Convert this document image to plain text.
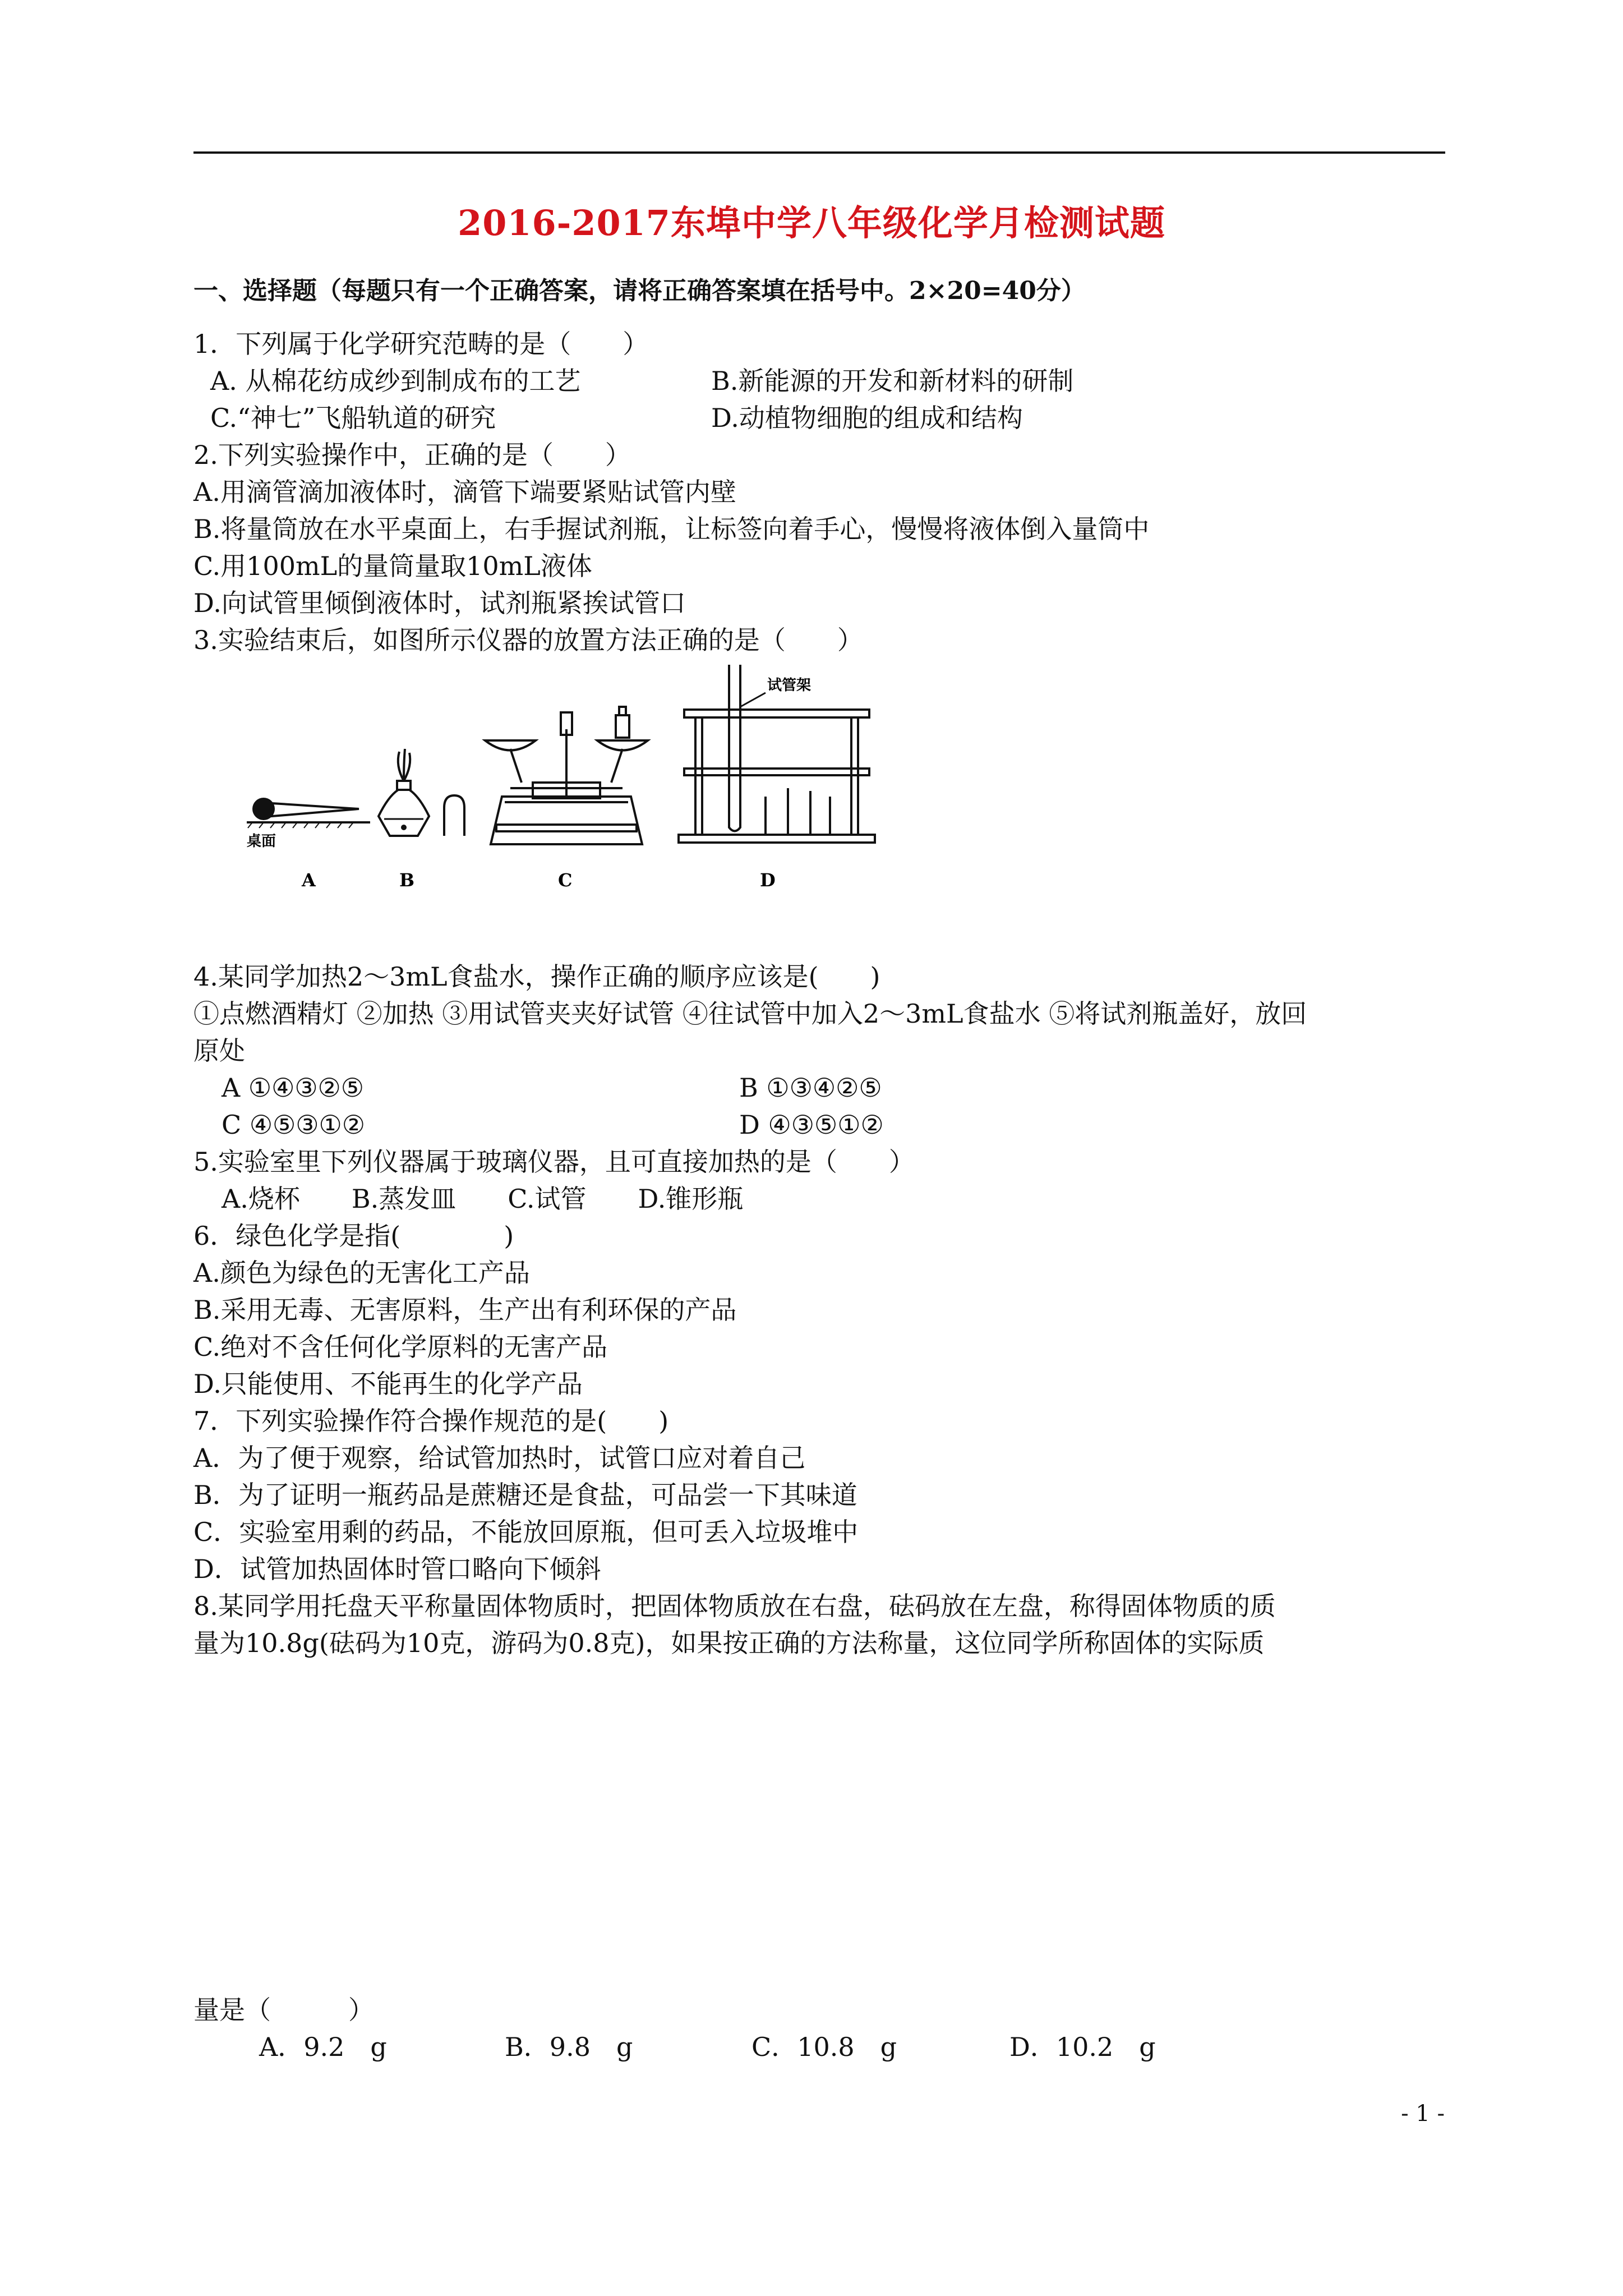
2016-2017东埠中学八年级化学月检测试题
一、选择题（每题只有一个正确答案，请将正确答案填在括号中。2×20=40分）
1．下列属于化学研究范畴的是（　　）
A. 从棉花纺成纱到制成布的工艺	B.新能源的开发和新材料的研制
C.“神七”飞船轨道的研究	D.动植物细胞的组成和结构
2.下列实验操作中，正确的是（　　）
A.用滴管滴加液体时，滴管下端要紧贴试管内壁
B.将量筒放在水平桌面上，右手握试剂瓶，让标签向着手心，慢慢将液体倒入量筒中
C.用100mL的量筒量取10mL液体
D.向试管里倾倒液体时，试剂瓶紧挨试管口
3.实验结束后，如图所示仪器的放置方法正确的是（　　）
桌面
A	B	C
试管架
D
4.某同学加热2～3mL食盐水，操作正确的顺序应该是(　　)
①点燃酒精灯 ②加热 ③用试管夹夹好试管 ④往试管中加入2～3mL食盐水 ⑤将试剂瓶盖好，放回
原处
A ①④③②⑤	B ①③④②⑤
C ④⑤③①②	D ④③⑤①②
5.实验室里下列仪器属于玻璃仪器，且可直接加热的是（　　）
A.烧杯　　B.蒸发皿　　C.试管　　D.锥形瓶
6．绿色化学是指(　　　　)
A.颜色为绿色的无害化工产品
B.采用无毒、无害原料，生产出有利环保的产品
C.绝对不含任何化学原料的无害产品
D.只能使用、不能再生的化学产品
7．下列实验操作符合操作规范的是(　　)
A．为了便于观察，给试管加热时，试管口应对着自己
B．为了证明一瓶药品是蔗糖还是食盐，可品尝一下其味道
C．实验室用剩的药品，不能放回原瓶，但可丢入垃圾堆中
D．试管加热固体时管口略向下倾斜
8.某同学用托盘天平称量固体物质时，把固体物质放在右盘，砝码放在左盘，称得固体物质的质
量为10.8g(砝码为10克，游码为0.8克)，如果按正确的方法称量，这位同学所称固体的实际质
量是（　　　）
A．9.2　g	B．9.8　g	C．10.8　g	D．10.2　g
- 1 -
